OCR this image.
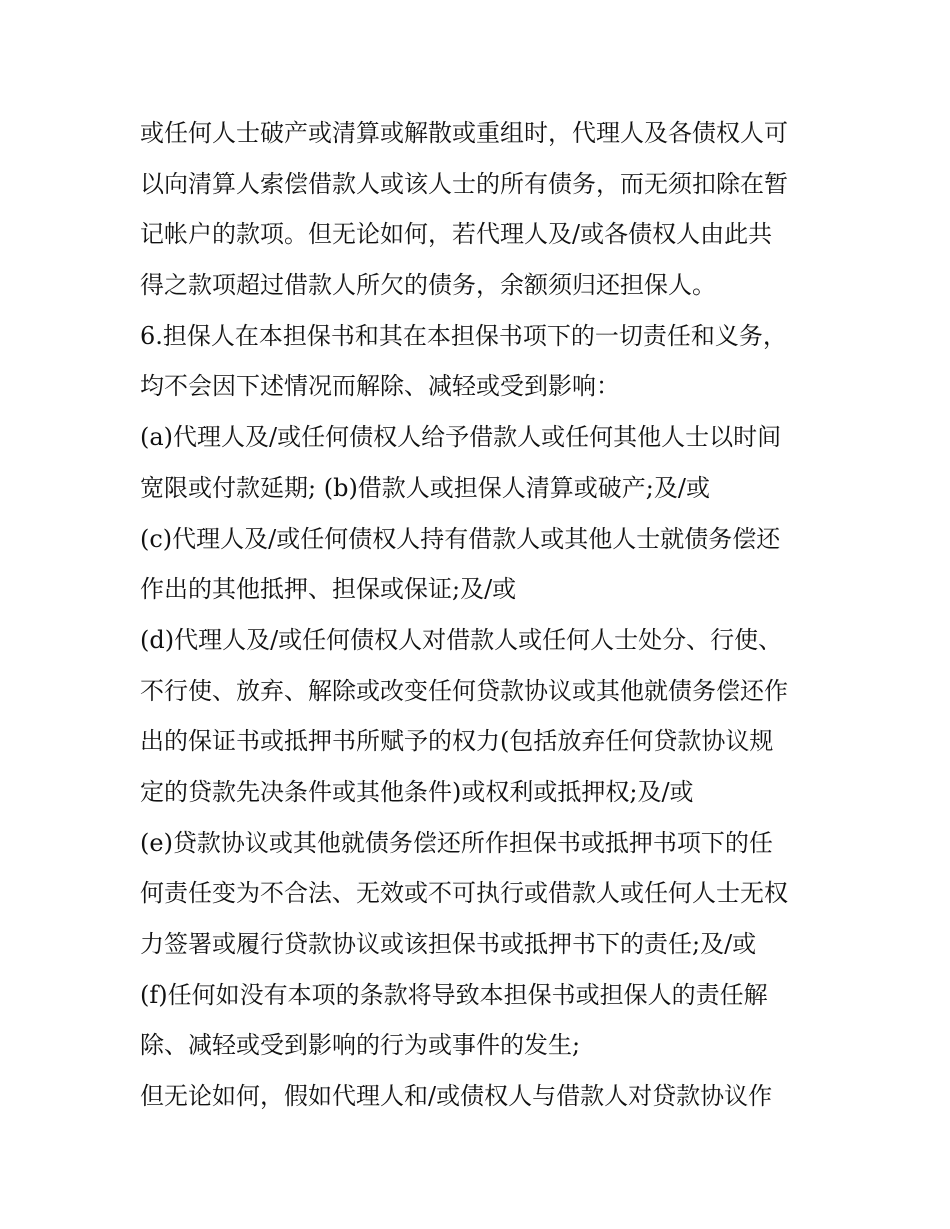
或任何人士破产或清算或解散或重组时，代理人及各债权人可
以向清算人索偿借款人或该人士的所有债务，而无须扣除在暂
记帐户的款项。但无论如何，若代理人及/或各债权人由此共
得之款项超过借款人所欠的债务，余额须归还担保人。
6.担保人在本担保书和其在本担保书项下的一切责任和义务，
均不会因下述情况而解除、减轻或受到影响：
(a)代理人及/或任何债权人给予借款人或任何其他人士以时间
宽限或付款延期; (b)借款人或担保人清算或破产;及/或
(c)代理人及/或任何债权人持有借款人或其他人士就债务偿还
作出的其他抵押、担保或保证;及/或
(d)代理人及/或任何债权人对借款人或任何人士处分、行使、
不行使、放弃、解除或改变任何贷款协议或其他就债务偿还作
出的保证书或抵押书所赋予的权力(包括放弃任何贷款协议规
定的贷款先决条件或其他条件)或权利或抵押权;及/或
(e)贷款协议或其他就债务偿还所作担保书或抵押书项下的任
何责任变为不合法、无效或不可执行或借款人或任何人士无权
力签署或履行贷款协议或该担保书或抵押书下的责任;及/或
(f)任何如没有本项的条款将导致本担保书或担保人的责任解
除、减轻或受到影响的行为或事件的发生;
但无论如何，假如代理人和/或债权人与借款人对贷款协议作
